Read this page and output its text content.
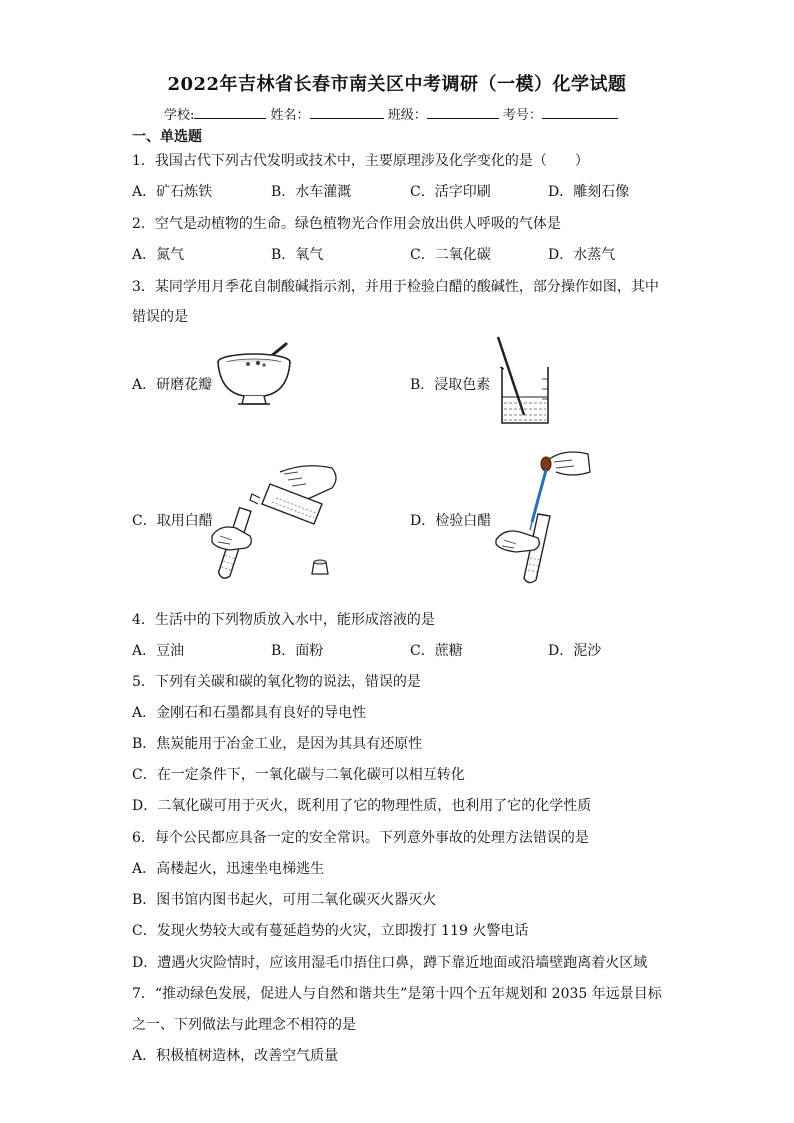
2022年吉林省长春市南关区中考调研（一模）化学试题
学校:	姓名：	班级：	考号：
一、单选题
1．我国古代下列古代发明或技术中，主要原理涉及化学变化的是（　　）
A．矿石炼铁	B．水车灌溉	C．活字印刷	D．雕刻石像
2．空气是动植物的生命。绿色植物光合作用会放出供人呼吸的气体是
A．氮气	B．氧气	C．二氧化碳	D．水蒸气
3．某同学用月季花自制酸碱指示剂，并用于检验白醋的酸碱性，部分操作如图，其中
错误的是
A．研磨花瓣	B．浸取色素
C．取用白醋	D．检验白醋
4．生活中的下列物质放入水中，能形成溶液的是
A．豆油	B．面粉	C．蔗糖	D．泥沙
5．下列有关碳和碳的氧化物的说法，错误的是
A．金刚石和石墨都具有良好的导电性
B．焦炭能用于冶金工业，是因为其具有还原性
C．在一定条件下，一氧化碳与二氧化碳可以相互转化
D．二氧化碳可用于灭火，既利用了它的物理性质，也利用了它的化学性质
6．每个公民都应具备一定的安全常识。下列意外事故的处理方法错误的是
A．高楼起火，迅速坐电梯逃生
B．图书馆内图书起火，可用二氧化碳灭火器灭火
C．发现火势较大或有蔓延趋势的火灾，立即拨打 119 火警电话
D．遭遇火灾险情时，应该用湿毛巾捂住口鼻，蹲下靠近地面或沿墙壁跑离着火区域
7．“推动绿色发展，促进人与自然和谐共生”是第十四个五年规划和 2035 年远景目标
之一、下列做法与此理念不相符的是
A．积极植树造林，改善空气质量
